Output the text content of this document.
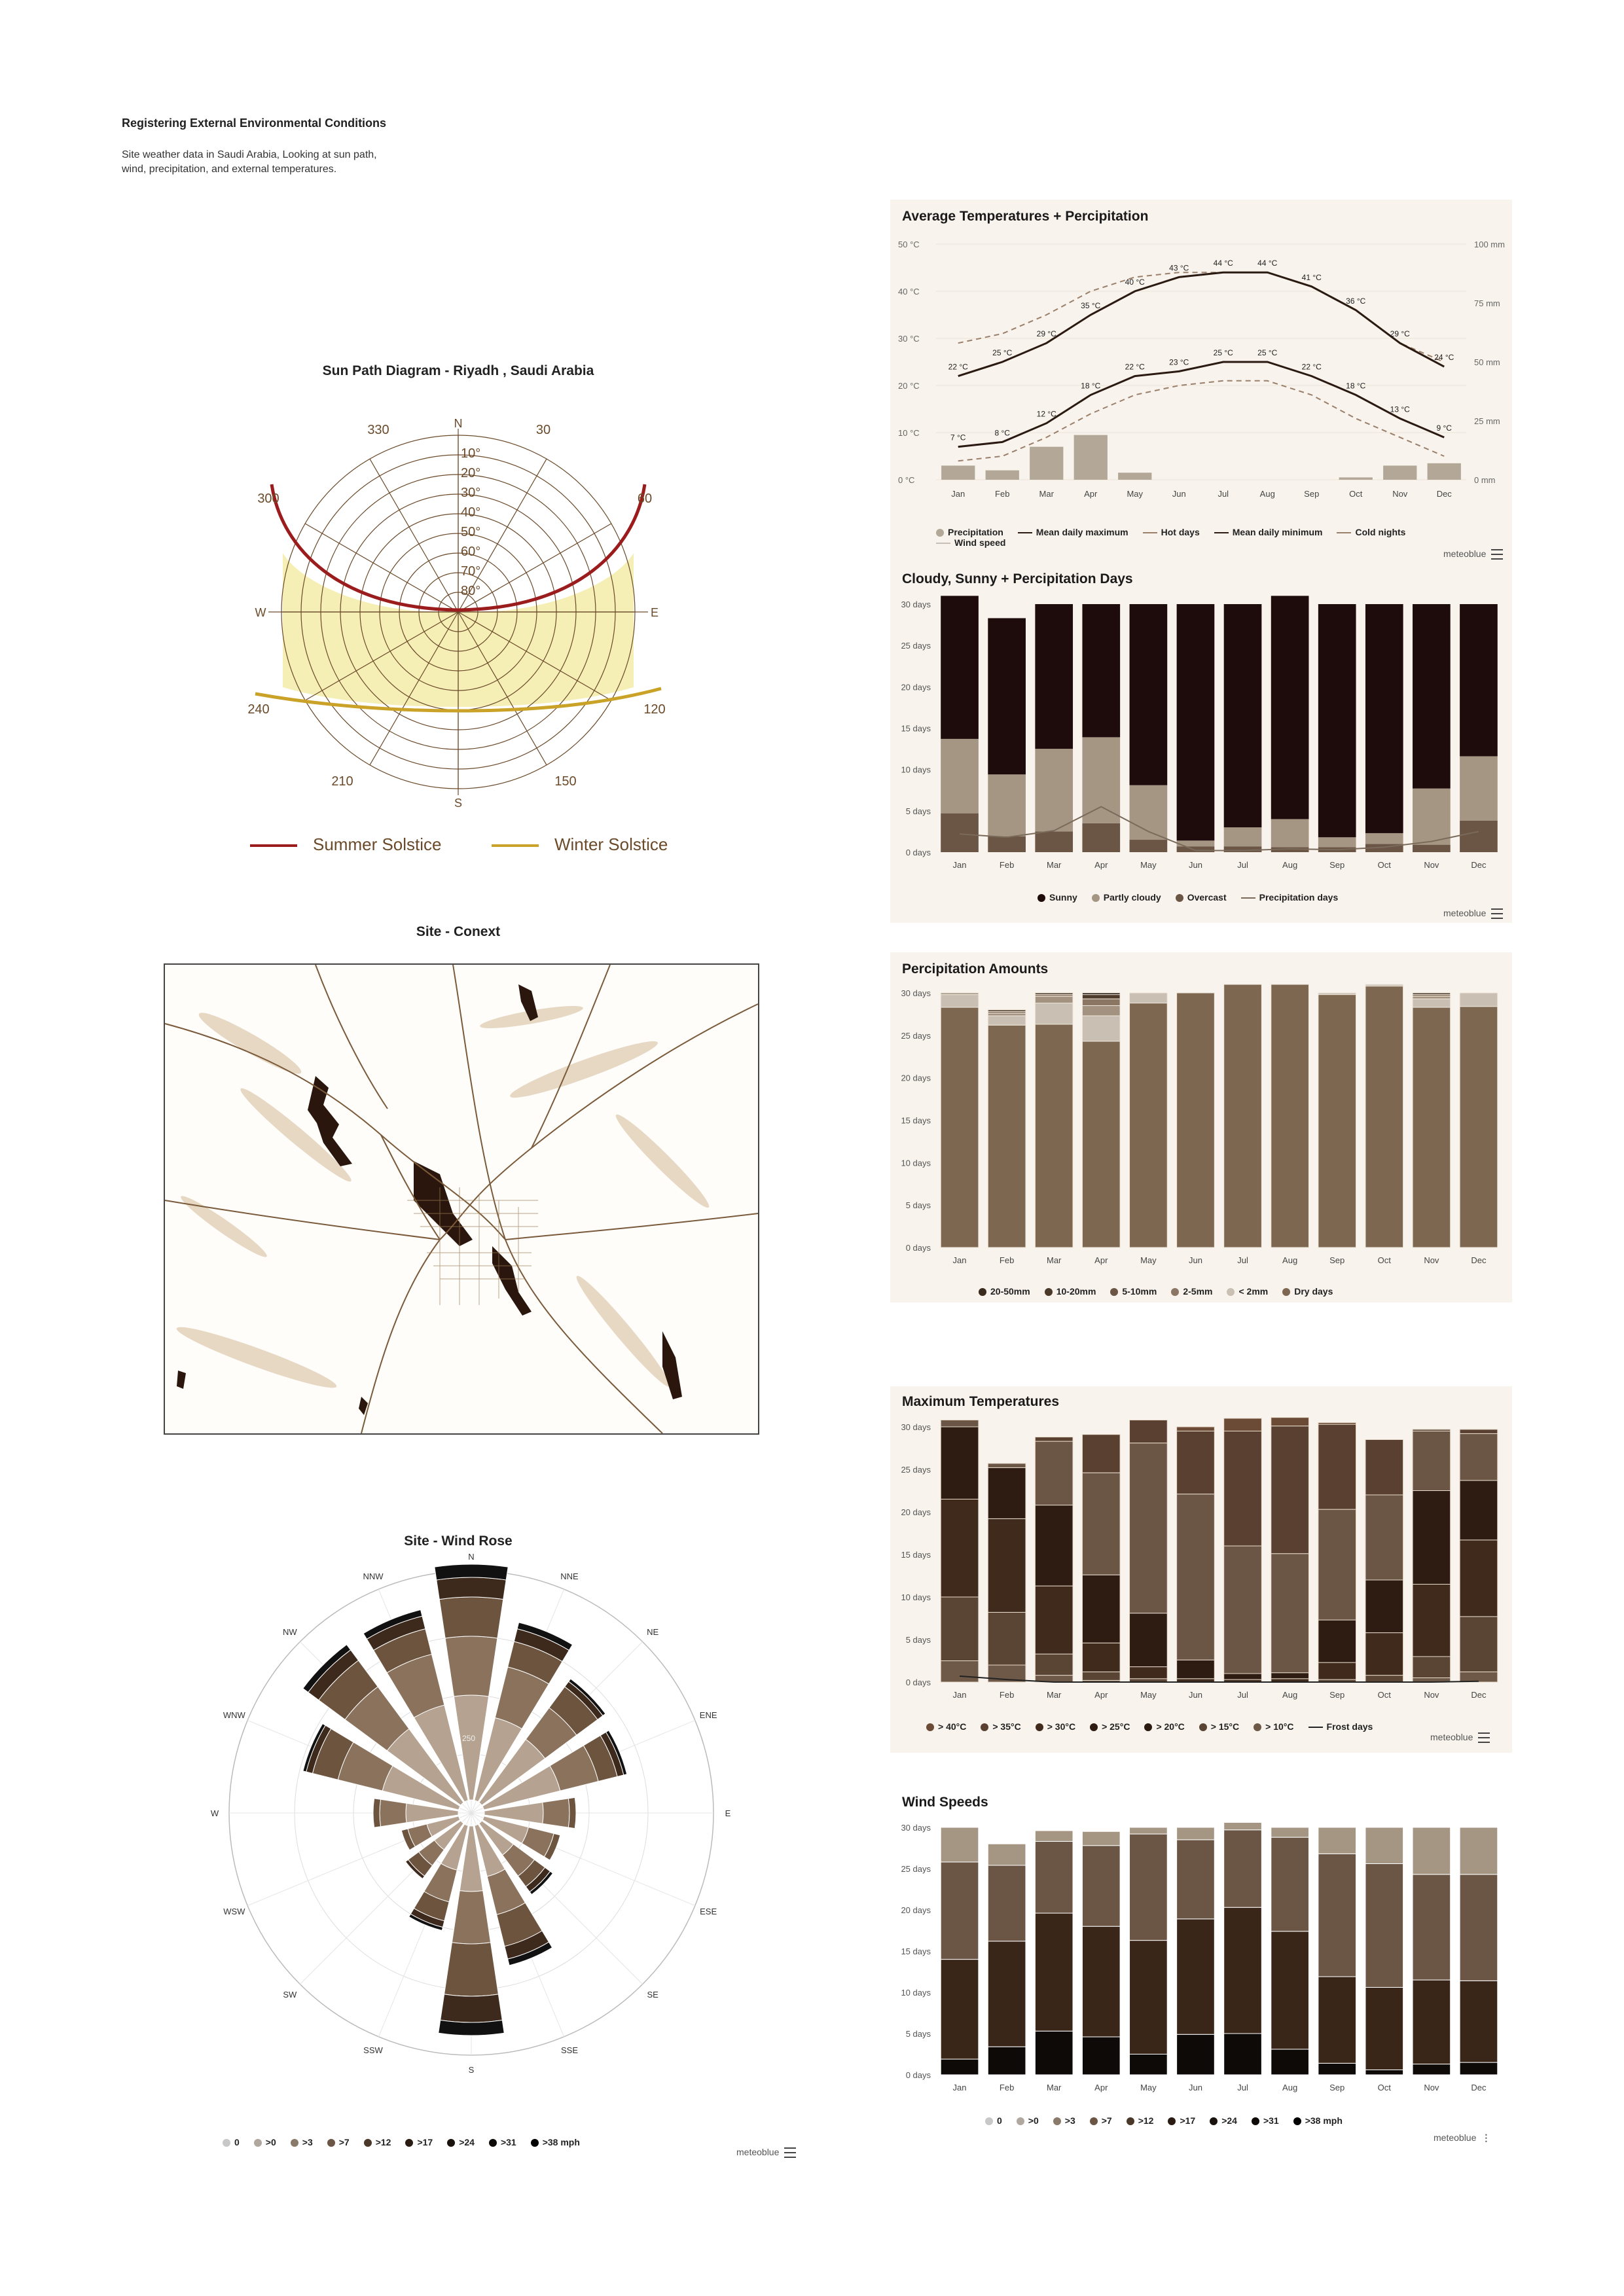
Registering External Environmental Conditions
Site weather data in Saudi Arabia, Looking at sun path,
wind, precipitation, and external temperatures.
Sun Path Diagram - Riyadh , Saudi Arabia
N
S
E
W
330	30
300	60
240	120
210	150
10°
20°
30°
40°
50°
60°
70°
80°
Summer Solstice	Winter Solstice
Site - Conext
Site - Wind Rose
N
NNE
NE
ENE
E
ESE
SE
SSE
S
SSW
SW
WSW
W
WNW
NW
NNW
250
0	>0	>3	>7	>12	>17	>24	>31	>38 mph
meteoblue
Average Temperatures + Percipitation
50 °C
40 °C
30 °C
20 °C
10 °C
0 °C
100 mm
75 mm
50 mm
25 mm
0 mm
22 °C
25 °C
29 °C
35 °C
40 °C
43 °C
44 °C	44 °C
41 °C
36 °C
29 °C
24 °C
7 °C
8 °C
12 °C
18 °C
22 °C
23 °C
25 °C	25 °C
22 °C
18 °C
13 °C
9 °C
Jan	Feb	Mar	Apr	May	Jun	Jul	Aug	Sep	Oct	Nov	Dec
Precipitation	Mean daily maximum	Hot days	Mean daily minimum	Cold nightsWind speed
meteoblue
Cloudy, Sunny + Percipitation Days
30 days
25 days
20 days
15 days
10 days
5 days
0 days
Jan	Feb	Mar	Apr	May	Jun	Jul	Aug	Sep	Oct	Nov	Dec
Sunny	Partly cloudy	Overcast	Precipitation days
meteoblue
Percipitation Amounts
30 days
25 days
20 days
15 days
10 days
5 days
0 days
Jan	Feb	Mar	Apr	May	Jun	Jul	Aug	Sep	Oct	Nov	Dec
20-50mm	10-20mm	5-10mm	2-5mm	< 2mm	Dry days
Maximum Temperatures
30 days
25 days
20 days
15 days
10 days
5 days
0 days
Jan	Feb	Mar	Apr	May	Jun	Jul	Aug	Sep	Oct	Nov	Dec
> 40°C	> 35°C	> 30°C	> 25°C	> 20°C	> 15°C	> 10°C	Frost days
meteoblue
Wind Speeds
30 days
25 days
20 days
15 days
10 days
5 days
0 days
Jan	Feb	Mar	Apr	May	Jun	Jul	Aug	Sep	Oct	Nov	Dec
0	>0	>3	>7	>12	>17	>24	>31	>38 mph
meteoblue ⋮
